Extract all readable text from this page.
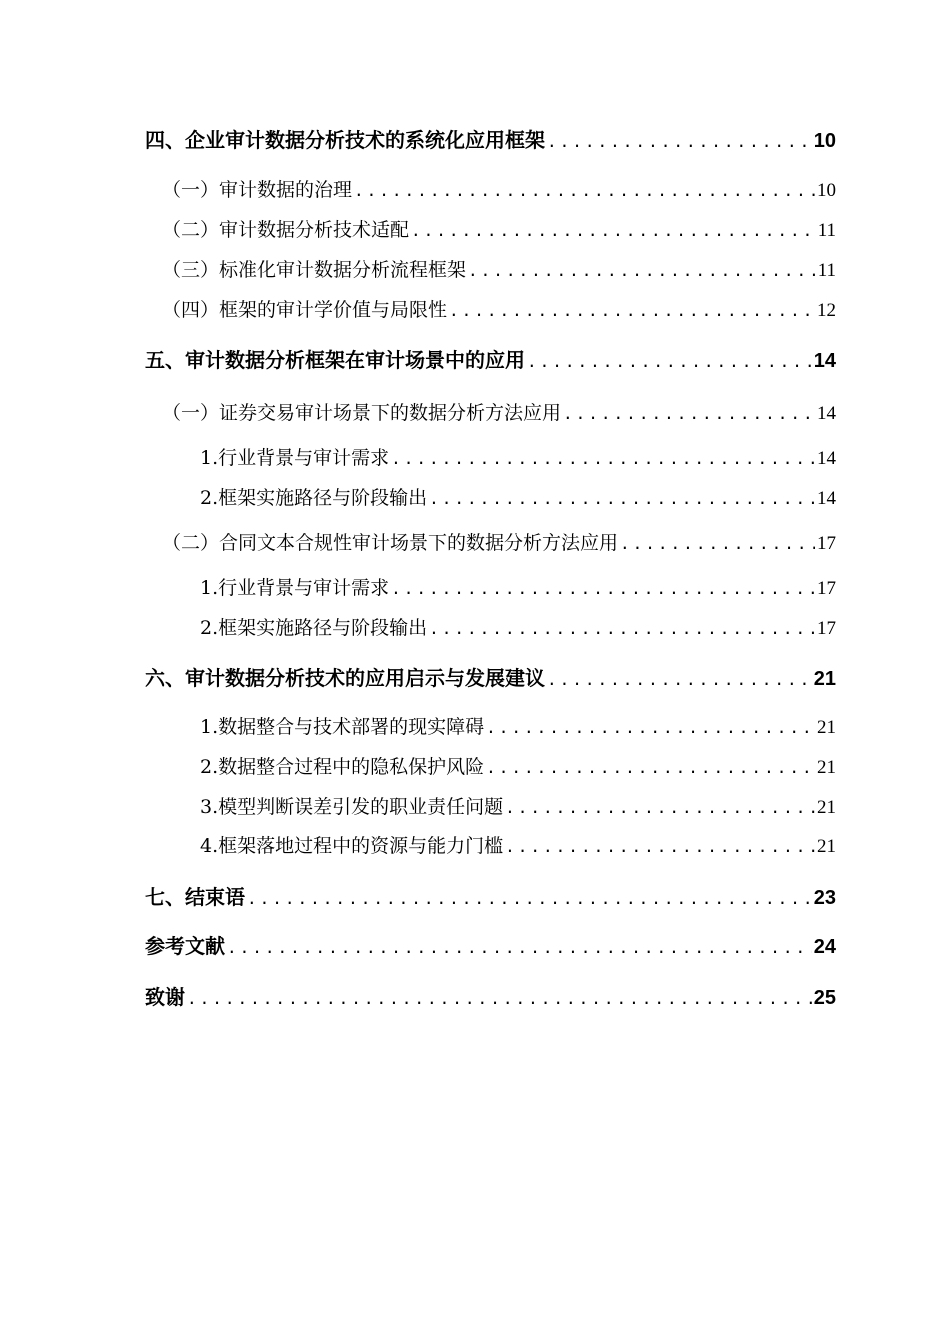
四、企业审计数据分析技术的系统化应用框架 .....	10
（一）审计数据的治理 .....	10
（二）审计数据分析技术适配 .....	11
（三）标准化审计数据分析流程框架 .....	11
（四）框架的审计学价值与局限性 .....	12
五、审计数据分析框架在审计场景中的应用 .....	14
（一）证券交易审计场景下的数据分析方法应用 .....	14
1.行业背景与审计需求 .....	14
2.框架实施路径与阶段输出 .....	14
（二）合同文本合规性审计场景下的数据分析方法应用 .....	17
1.行业背景与审计需求 .....	17
2.框架实施路径与阶段输出 .....	17
六、审计数据分析技术的应用启示与发展建议 .....	21
1.数据整合与技术部署的现实障碍 .....	21
2.数据整合过程中的隐私保护风险 .....	21
3.模型判断误差引发的职业责任问题 .....	21
4.框架落地过程中的资源与能力门槛 .....	21
七、结束语 .....	23
参考文献 .....	24
致谢 .....	25
